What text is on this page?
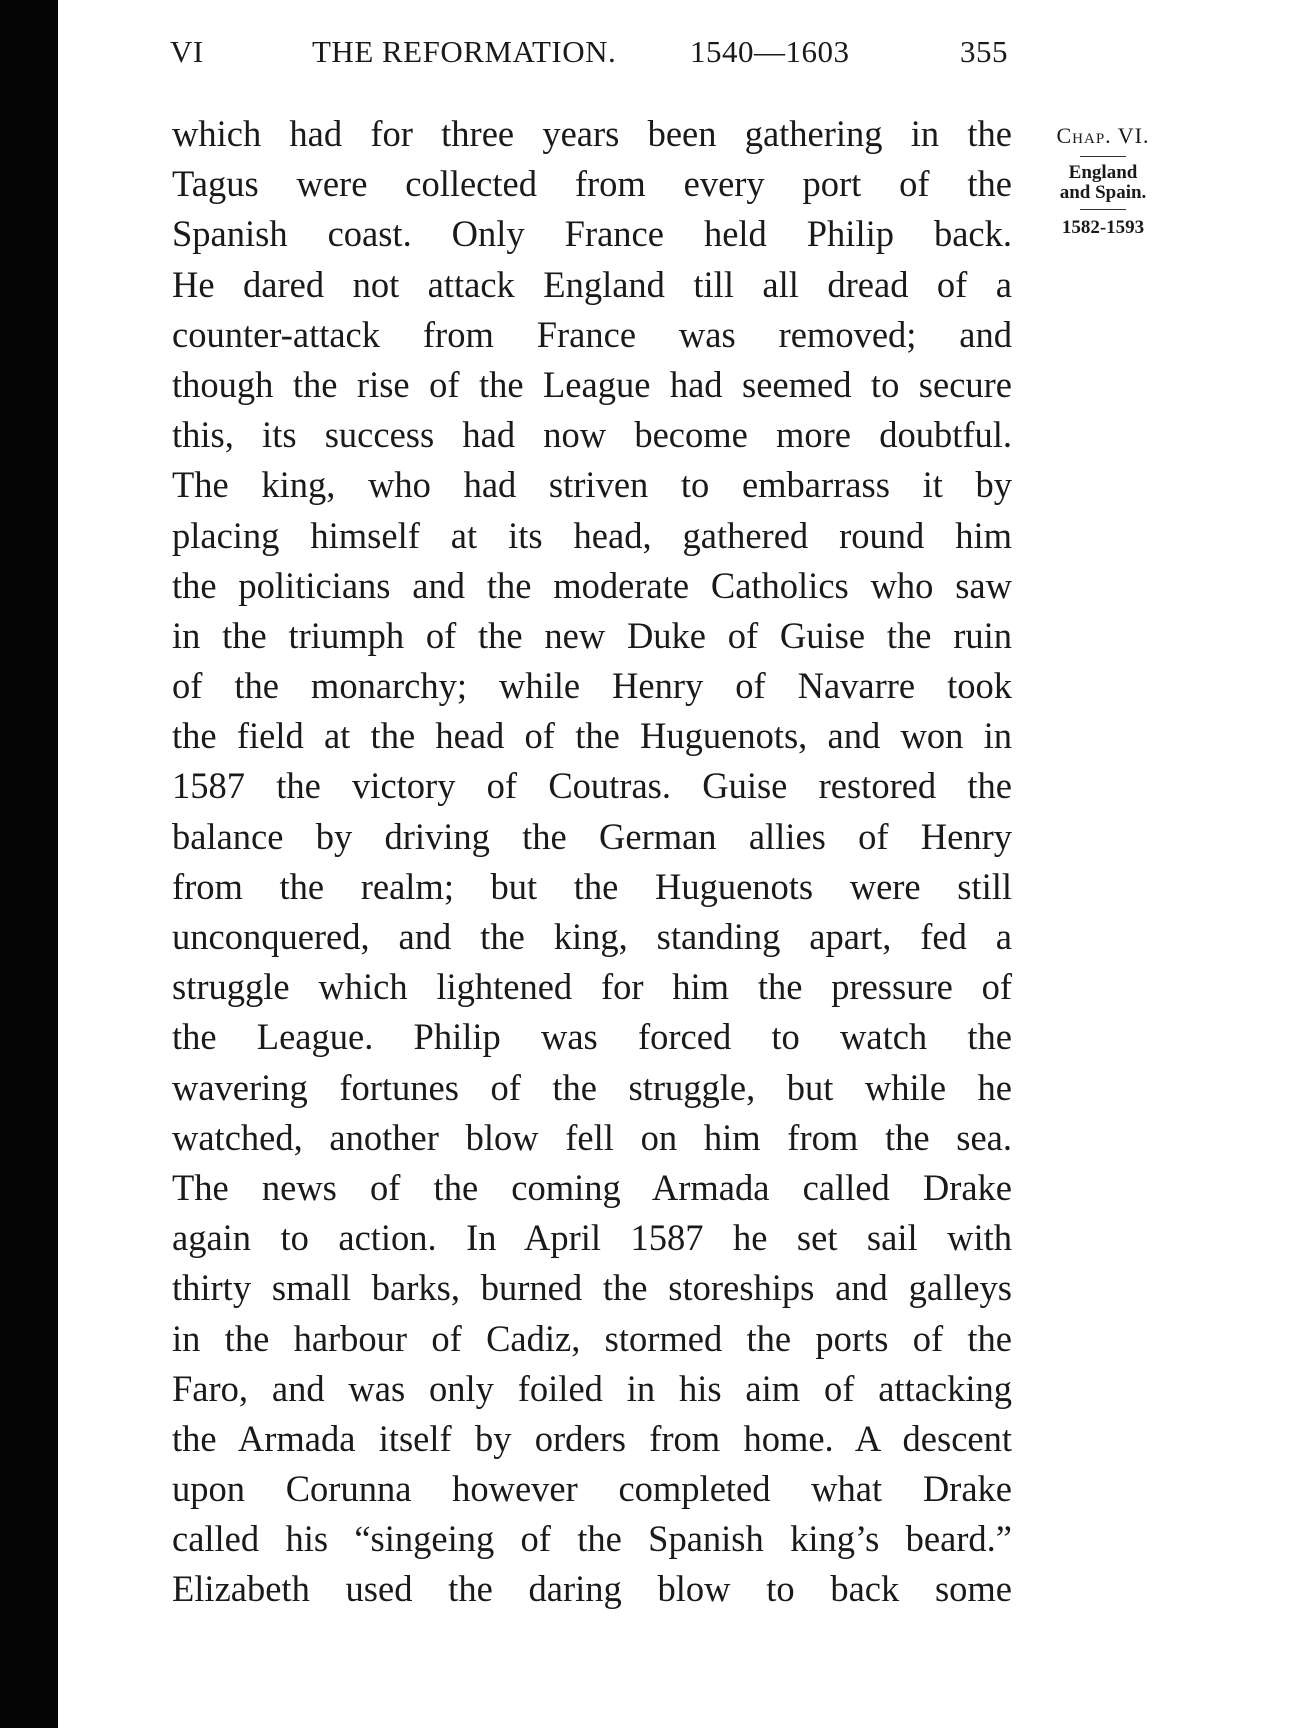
VI	THE REFORMATION. 1540—1603	355
which had for three years been gathering in the
Tagus were collected from every port of the
Spanish coast. Only France held Philip back.
He dared not attack England till all dread of a
counter-attack from France was removed; and
though the rise of the League had seemed to secure
this, its success had now become more doubtful.
The king, who had striven to embarrass it by
placing himself at its head, gathered round him
the politicians and the moderate Catholics who saw
in the triumph of the new Duke of Guise the ruin
of the monarchy; while Henry of Navarre took
the field at the head of the Huguenots, and won in
1587 the victory of Coutras. Guise restored the
balance by driving the German allies of Henry
from the realm; but the Huguenots were still
unconquered, and the king, standing apart, fed a
struggle which lightened for him the pressure of
the League. Philip was forced to watch the
wavering fortunes of the struggle, but while he
watched, another blow fell on him from the sea.
The news of the coming Armada called Drake
again to action. In April 1587 he set sail with
thirty small barks, burned the storeships and galleys
in the harbour of Cadiz, stormed the ports of the
Faro, and was only foiled in his aim of attacking
the Armada itself by orders from home. A descent
upon Corunna however completed what Drake
called his “singeing of the Spanish king’s beard.”
Elizabeth used the daring blow to back some
Chap. VI.
England
and Spain.
1582-1593
